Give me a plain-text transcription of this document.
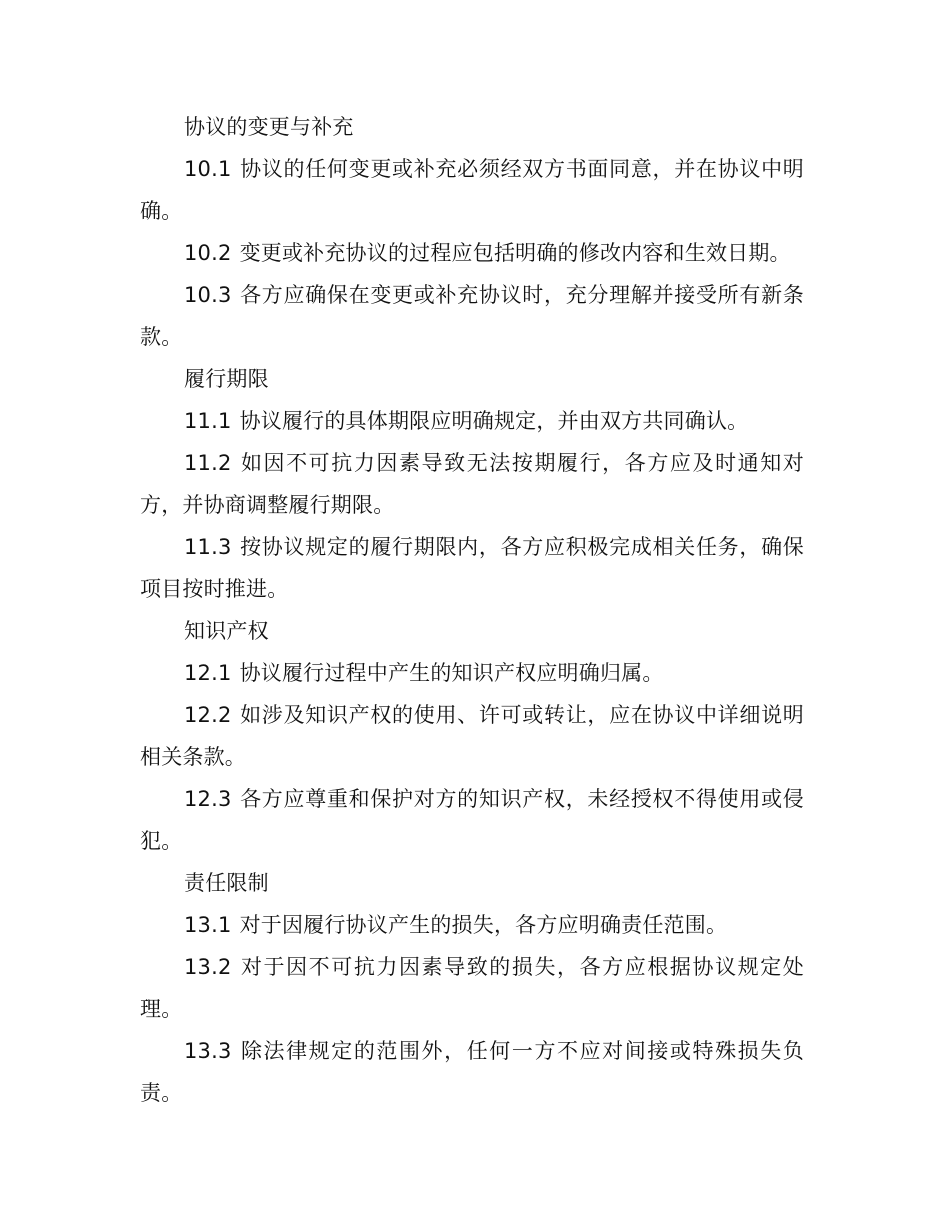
协议的变更与补充

10.1 协议的任何变更或补充必须经双方书面同意，并在协议中明确。

10.2 变更或补充协议的过程应包括明确的修改内容和生效日期。

10.3 各方应确保在变更或补充协议时，充分理解并接受所有新条款。

履行期限

11.1 协议履行的具体期限应明确规定，并由双方共同确认。

11.2 如因不可抗力因素导致无法按期履行，各方应及时通知对方，并协商调整履行期限。

11.3 按协议规定的履行期限内，各方应积极完成相关任务，确保项目按时推进。

知识产权

12.1 协议履行过程中产生的知识产权应明确归属。

12.2 如涉及知识产权的使用、许可或转让，应在协议中详细说明相关条款。

12.3 各方应尊重和保护对方的知识产权，未经授权不得使用或侵犯。

责任限制

13.1 对于因履行协议产生的损失，各方应明确责任范围。

13.2 对于因不可抗力因素导致的损失，各方应根据协议规定处理。

13.3 除法律规定的范围外，任何一方不应对间接或特殊损失负责。
